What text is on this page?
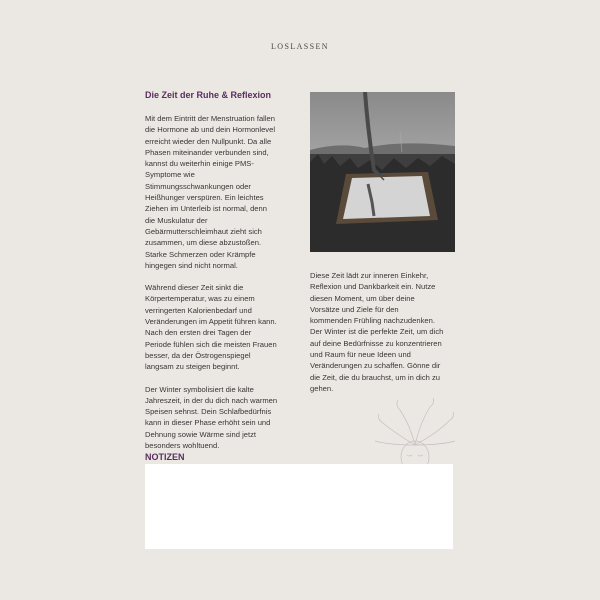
LOSLASSEN
Die Zeit der Ruhe & Reflexion

Mit dem Eintritt der Menstruation fallen
die Hormone ab und dein Hormonlevel
erreicht wieder den Nullpunkt. Da alle
Phasen miteinander verbunden sind,
kannst du weiterhin einige PMS-
Symptome wie
Stimmungsschwankungen oder
Heißhunger verspüren. Ein leichtes
Ziehen im Unterleib ist normal, denn
die Muskulatur der
Gebärmutterschleimhaut zieht sich
zusammen, um diese abzustoßen.
Starke Schmerzen oder Krämpfe
hingegen sind nicht normal.

Während dieser Zeit sinkt die
Körpertemperatur, was zu einem
verringerten Kalorienbedarf und
Veränderungen im Appetit führen kann.
Nach den ersten drei Tagen der
Periode fühlen sich die meisten Frauen
besser, da der Östrogenspiegel
langsam zu steigen beginnt.

Der Winter symbolisiert die kalte
Jahreszeit, in der du dich nach warmen
Speisen sehnst. Dein Schlafbedürfnis
kann in dieser Phase erhöht sein und
Dehnung sowie Wärme sind jetzt
besonders wohltuend.

Diese Zeit lädt zur inneren Einkehr,
Reflexion und Dankbarkeit ein. Nutze
diesen Moment, um über deine
Vorsätze und Ziele für den
kommenden Frühling nachzudenken.
Der Winter ist die perfekte Zeit, um dich
auf deine Bedürfnisse zu konzentrieren
und Raum für neue Ideen und
Veränderungen zu schaffen. Gönne dir
die Zeit, die du brauchst, um in dich zu
gehen.

NOTIZEN
